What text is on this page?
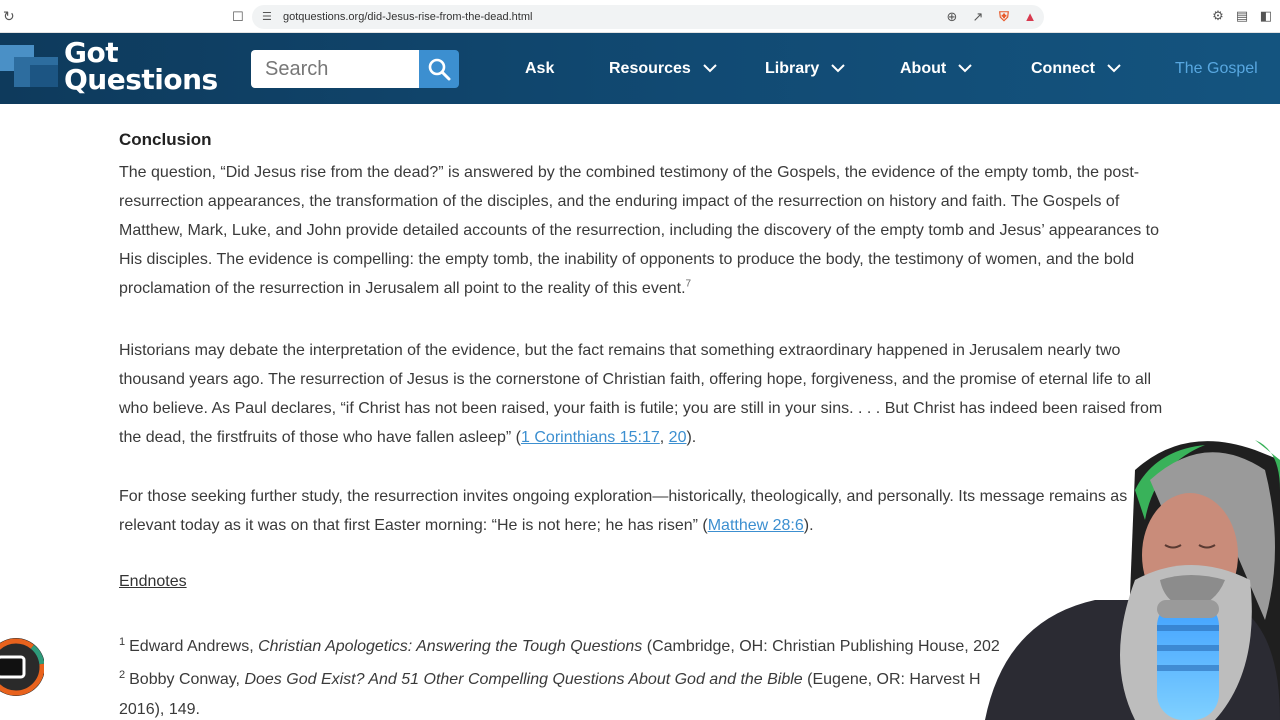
↻	☐ ☰ gotquestions.org/did-Jesus-rise-from-the-dead.html	⊕ ↗ ⛨ ▲	⚙ ▤ ◧
Got
Questions
Search	Ask	Resources	Library	About	Connect	The Gospel
Conclusion

The question, “Did Jesus rise from the dead?” is answered by the combined testimony of the Gospels, the evidence of the empty tomb, the post-resurrection appearances, the transformation of the disciples, and the enduring impact of the resurrection on history and faith. The Gospels of Matthew, Mark, Luke, and John provide detailed accounts of the resurrection, including the discovery of the empty tomb and Jesus’ appearances to His disciples. The evidence is compelling: the empty tomb, the inability of opponents to produce the body, the testimony of women, and the bold proclamation of the resurrection in Jerusalem all point to the reality of this event.$^7$

Historians may debate the interpretation of the evidence, but the fact remains that something extraordinary happened in Jerusalem nearly two thousand years ago. The resurrection of Jesus is the cornerstone of Christian faith, offering hope, forgiveness, and the promise of eternal life to all who believe. As Paul declares, “if Christ has not been raised, your faith is futile; you are still in your sins. . . . But Christ has indeed been raised from the dead, the firstfruits of those who have fallen asleep” (1 Corinthians 15:17, 20).

For those seeking further study, the resurrection invites ongoing exploration—historically, theologically, and personally. Its message remains as relevant today as it was on that first Easter morning: “He is not here; he has risen” (Matthew 28:6).

Endnotes
$^1$ Edward Andrews, Christian Apologetics: Answering the Tough Questions (Cambridge, OH: Christian Publishing House, 202
$^2$ Bobby Conway, Does God Exist? And 51 Other Compelling Questions About God and the Bible (Eugene, OR: Harvest H
2016), 149.
